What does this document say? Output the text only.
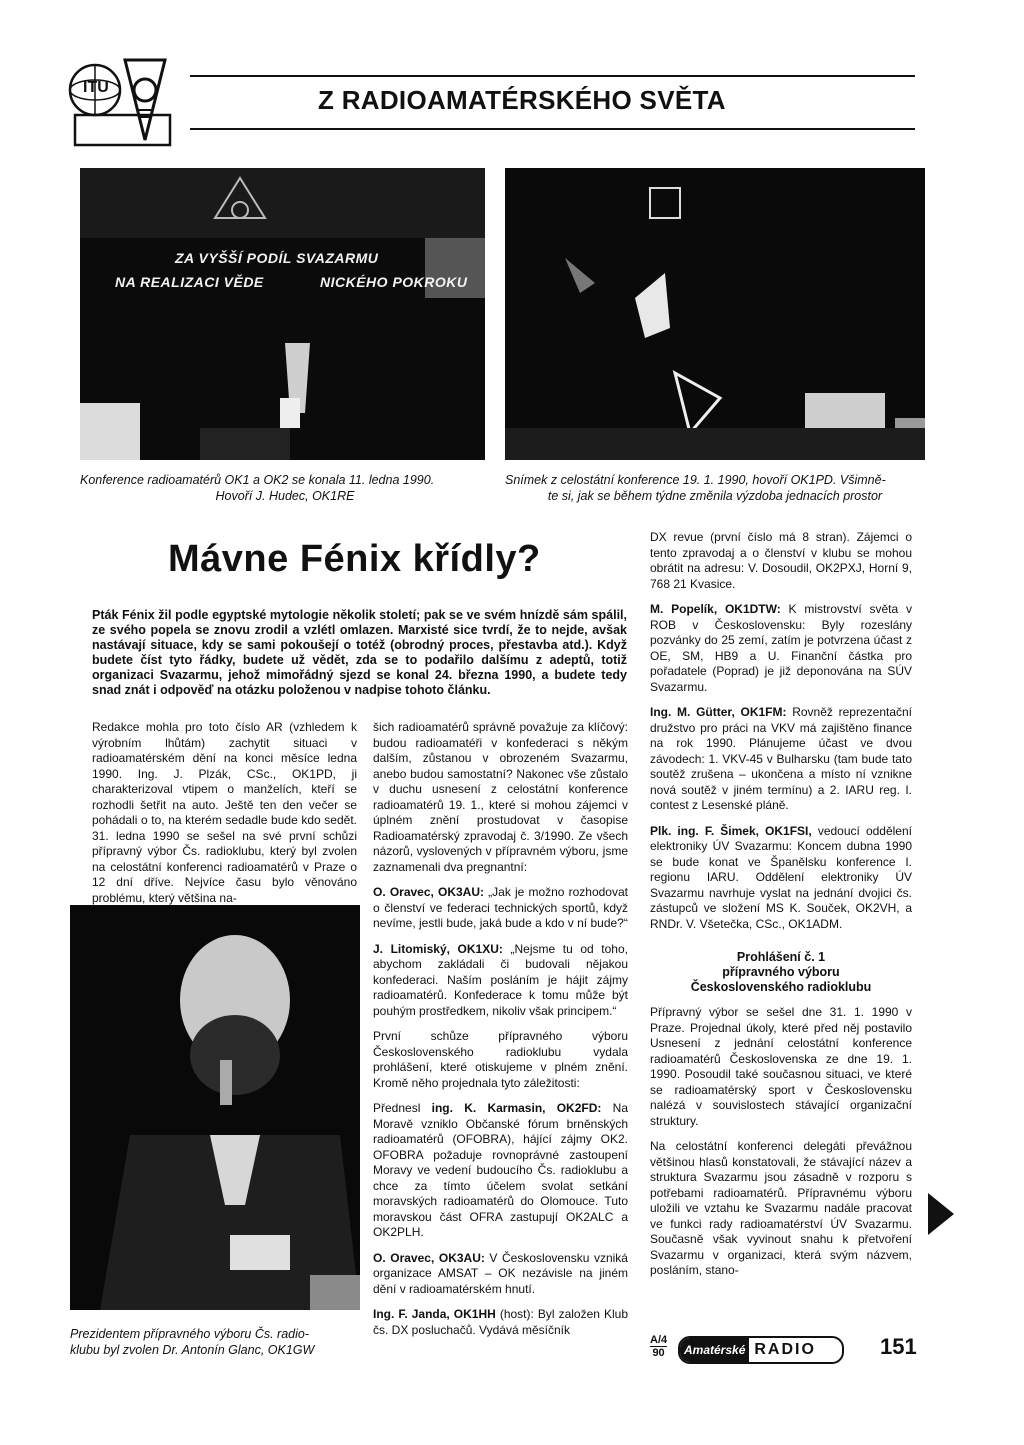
ITU	Z RADIOAMATÉRSKÉHO SVĚTA
ZA VYŠŠÍ PODÍL SVAZARMU
NA REALIZACI VĚDE	NICKÉHO POKROKU
Konference radioamatérů OK1 a OK2 se konala 11. ledna 1990.
Hovoří J. Hudec, OK1RE
Snímek z celostátní konference 19. 1. 1990, hovoří OK1PD. Všimně-
te si, jak se během týdne změnila výzdoba jednacích prostor
Mávne Fénix křídly?
Pták Fénix žil podle egyptské mytologie několik století; pak se ve svém hnízdě sám spálil, ze svého popela se znovu zrodil a vzlétl omlazen. Marxisté sice tvrdí, že to nejde, avšak nastávají situace, kdy se sami pokoušejí o totéž (obrodný proces, přestavba atd.). Když budete číst tyto řádky, budete už vědět, zda se to podařilo dalšímu z adeptů, totiž organizaci Svazarmu, jehož mimořádný sjezd se konal 24. března 1990, a budete tedy snad znát i odpověď na otázku položenou v nadpise tohoto článku.

Redakce mohla pro toto číslo AR (vzhledem k výrobním lhůtám) zachytit situaci v radioamatérském dění na konci měsíce ledna 1990. Ing. J. Plzák, CSc., OK1PD, ji charakterizoval vtipem o manželích, kteří se rozhodli šetřit na auto. Ještě ten den večer se pohádali o to, na kterém sedadle bude kdo sedět. 31. ledna 1990 se sešel na své první schůzi přípravný výbor Čs. radioklubu, který byl zvolen na celostátní konferenci radioamatérů v Praze o 12 dní dříve. Nejvíce času bylo věnováno problému, který většina na-

Prezidentem přípravného výboru Čs. radio-
klubu byl zvolen Dr. Antonín Glanc, OK1GW

šich radioamatérů správně považuje za klíčový: budou radioamatéři v konfederaci s někým dalším, zůstanou v obrozeném Svazarmu, anebo budou samostatní? Nakonec vše zůstalo v duchu usnesení z celostátní konference radioamatérů 19. 1., které si mohou zájemci v úplném znění prostudovat v časopise Radioamatérský zpravodaj č. 3/1990. Ze všech názorů, vyslovených v přípravném výboru, jsme zaznamenali dva pregnantní:

O. Oravec, OK3AU: „Jak je možno rozhodovat o členství ve federaci technických sportů, když nevíme, jestli bude, jaká bude a kdo v ní bude?“

J. Litomiský, OK1XU: „Nejsme tu od toho, abychom zakládali či budovali nějakou konfederaci. Naším posláním je hájit zájmy radioamatérů. Konfederace k tomu může být pouhým prostředkem, nikoliv však principem.“

První schůze přípravného výboru Československého radioklubu vydala prohlášení, které otiskujeme v plném znění. Kromě něho projednala tyto záležitosti:

Přednesl ing. K. Karmasin, OK2FD: Na Moravě vzniklo Občanské fórum brněnských radioamatérů (OFOBRA), hájící zájmy OK2. OFOBRA požaduje rovnoprávné zastoupení Moravy ve vedení budoucího Čs. radioklubu a chce za tímto účelem svolat setkání moravských radioamatérů do Olomouce. Tuto moravskou část OFRA zastupují OK2ALC a OK2PLH.

O. Oravec, OK3AU: V Československu vzniká organizace AMSAT – OK nezávisle na jiném dění v radioamatérském hnutí.

Ing. F. Janda, OK1HH (host): Byl založen Klub čs. DX posluchačů. Vydává měsíčník

DX revue (první číslo má 8 stran). Zájemci o tento zpravodaj a o členství v klubu se mohou obrátit na adresu: V. Dosoudil, OK2PXJ, Horní 9, 768 21 Kvasice.

M. Popelík, OK1DTW: K mistrovství světa v ROB v Československu: Byly rozeslány pozvánky do 25 zemí, zatím je potvrzena účast z OE, SM, HB9 a U. Finanční částka pro pořadatele (Poprad) je již deponována na SÚV Svazarmu.

Ing. M. Gütter, OK1FM: Rovněž reprezentační družstvo pro práci na VKV má zajištěno finance na rok 1990. Plánujeme účast ve dvou závodech: 1. VKV-45 v Bulharsku (tam bude tato soutěž zrušena – ukončena a místo ní vznikne nová soutěž v jiném termínu) a 2. IARU reg. I. contest z Lesenské pláně.

Plk. ing. F. Šimek, OK1FSI, vedoucí oddělení elektroniky ÚV Svazarmu: Koncem dubna 1990 se bude konat ve Španělsku konference I. regionu IARU. Oddělení elektroniky ÚV Svazarmu navrhuje vyslat na jednání dvojici čs. zástupců ve složení MS K. Souček, OK2VH, a RNDr. V. Všetečka, CSc., OK1ADM.

Prohlášení č. 1
přípravného výboru
Československého radioklubu

Přípravný výbor se sešel dne 31. 1. 1990 v Praze. Projednal úkoly, které před něj postavilo Usnesení z jednání celostátní konference radioamatérů Československa ze dne 19. 1. 1990. Posoudil také současnou situaci, ve které se radioamatérský sport v Československu nalézá v souvislostech stávající organizační struktury.

Na celostátní konferenci delegáti převážnou většinou hlasů konstatovali, že stávající název a struktura Svazarmu jsou zásadně v rozporu s potřebami radioamatérů. Přípravnému výboru uložili ve vztahu ke Svazarmu nadále pracovat ve funkci rady radioamatérství ÚV Svazarmu. Současně však vyvinout snahu k přetvoření Svazarmu v organizaci, která svým názvem, posláním, stano-

A/4
90	Amatérské RADIO	151
